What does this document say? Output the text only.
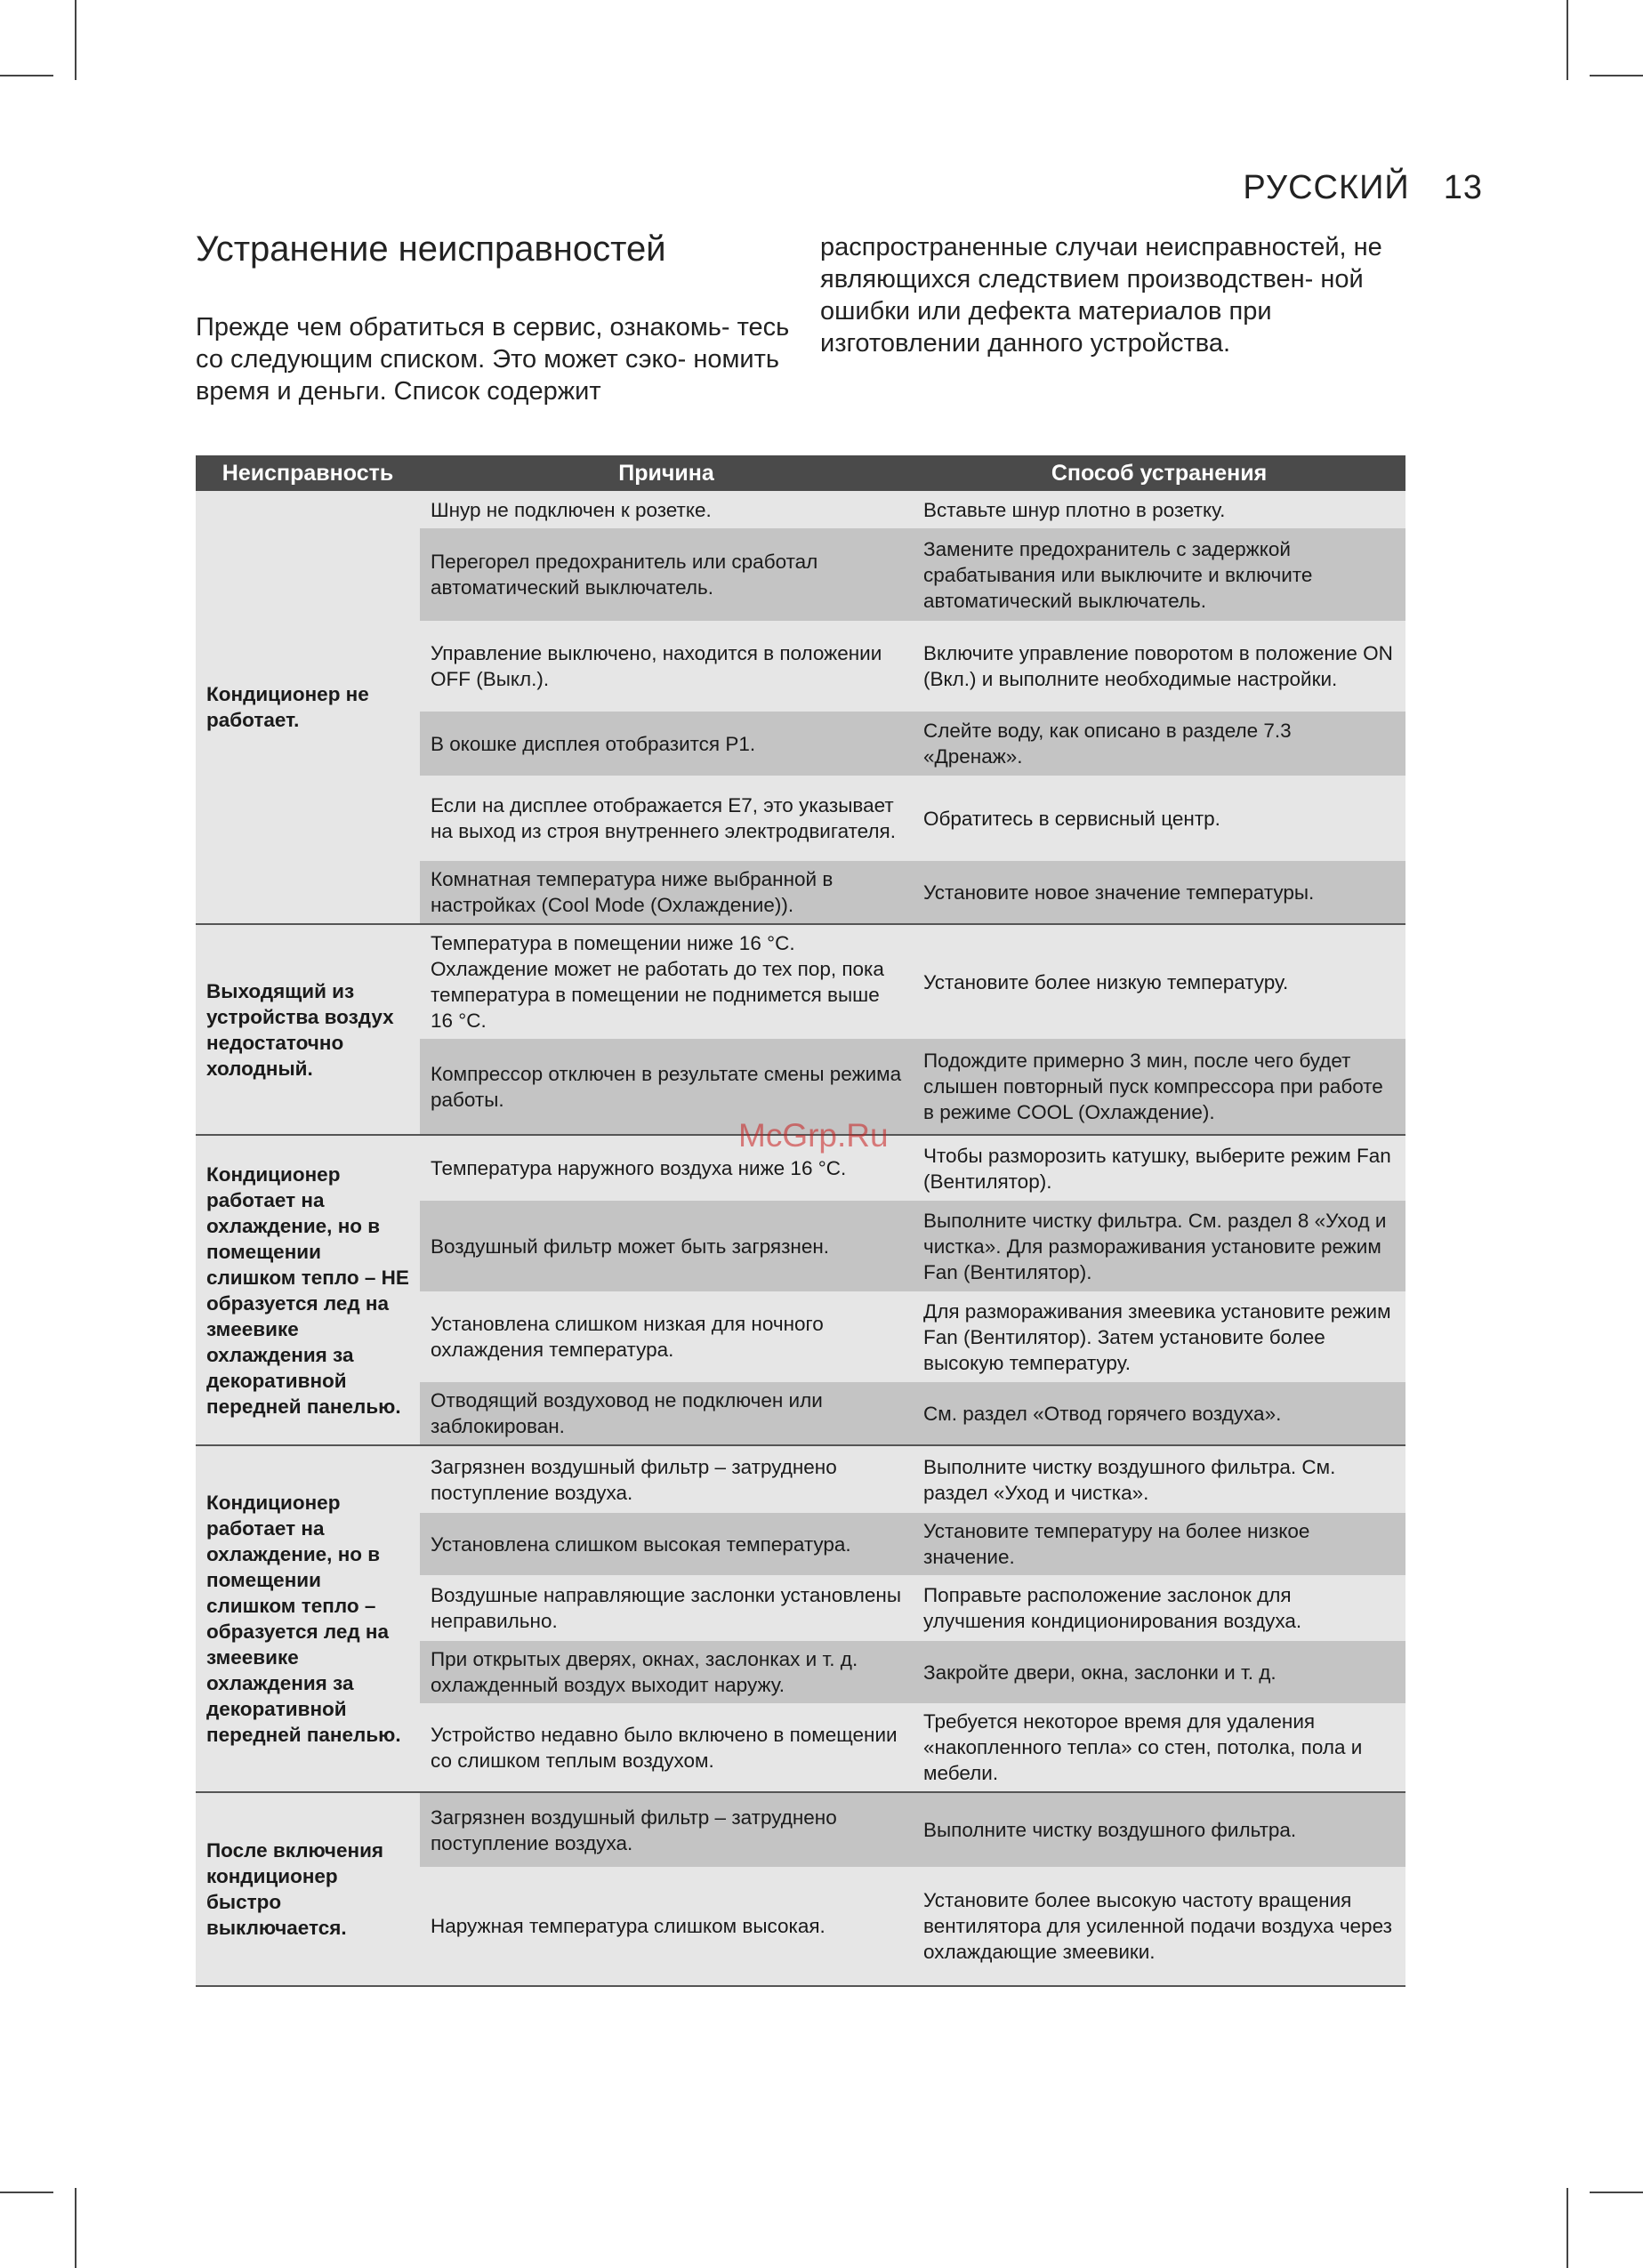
РУССКИЙ 13
Устранение неисправностей

Прежде чем обратиться в сервис, ознакомь- тесь со следующим списком. Это может сэко- номить время и деньги. Список содержит

распространенные случаи неисправностей, не являющихся следствием производствен- ной ошибки или дефекта материалов при изготовлении данного устройства.

Неисправность	Причина	Способ устранения
Кондиционер не работает.	Шнур не подключен к розетке.	Вставьте шнур плотно в розетку.
	Перегорел предохранитель или сработал автоматический выключатель.	Замените предохранитель с задержкой срабатывания или выключите и включите автоматический выключатель.
	Управление выключено, находится в положении OFF (Выкл.).	Включите управление поворотом в положение ON (Вкл.) и выполните необходимые настройки.
	В окошке дисплея отобразится P1.	Слейте воду, как описано в разделе 7.3 «Дренаж».
	Если на дисплее отображается E7, это указывает на выход из строя внутреннего электродвигателя.	Обратитесь в сервисный центр.
	Комнатная температура ниже выбранной в настройках (Cool Mode (Охлаждение)).	Установите новое значение температуры.
Выходящий из устройства воздух недостаточно холодный.	Температура в помещении ниже 16 °C. Охлаждение может не работать до тех пор, пока температура в помещении не поднимется выше 16 °C.	Установите более низкую температуру.
	Компрессор отключен в результате смены режима работы.	Подождите примерно 3 мин, после чего будет слышен повторный пуск компрессора при работе в режиме COOL (Охлаждение).
Кондиционер работает на охлаждение, но в помещении слишком тепло – НЕ образуется лед на змеевике охлаждения за декоративной передней панелью.	Температура наружного воздуха ниже 16 °C.	Чтобы разморозить катушку, выберите режим Fan (Вентилятор).
	Воздушный фильтр может быть загрязнен.	Выполните чистку фильтра. См. раздел 8 «Уход и чистка». Для размораживания установите режим Fan (Вентилятор).
	Установлена слишком низкая для ночного охлаждения температура.	Для размораживания змеевика установите режим Fan (Вентилятор). Затем установите более высокую температуру.
	Отводящий воздуховод не подключен или заблокирован.	См. раздел «Отвод горячего воздуха».
Кондиционер работает на охлаждение, но в помещении слишком тепло – образуется лед на змеевике охлаждения за декоративной передней панелью.	Загрязнен воздушный фильтр – затруднено поступление воздуха.	Выполните чистку воздушного фильтра. См. раздел «Уход и чистка».
	Установлена слишком высокая температура.	Установите температуру на более низкое значение.
	Воздушные направляющие заслонки установлены неправильно.	Поправьте расположение заслонок для улучшения кондиционирования воздуха.
	При открытых дверях, окнах, заслонках и т. д. охлажденный воздух выходит наружу.	Закройте двери, окна, заслонки и т. д.
	Устройство недавно было включено в помещении со слишком теплым воздухом.	Требуется некоторое время для удаления «накопленного тепла» со стен, потолка, пола и мебели.
После включения кондиционер быстро выключается.	Загрязнен воздушный фильтр – затруднено поступление воздуха.	Выполните чистку воздушного фильтра.
	Наружная температура слишком высокая.	Установите более высокую частоту вращения вентилятора для усиленной подачи воздуха через охлаждающие змеевики.
McGrp.Ru
